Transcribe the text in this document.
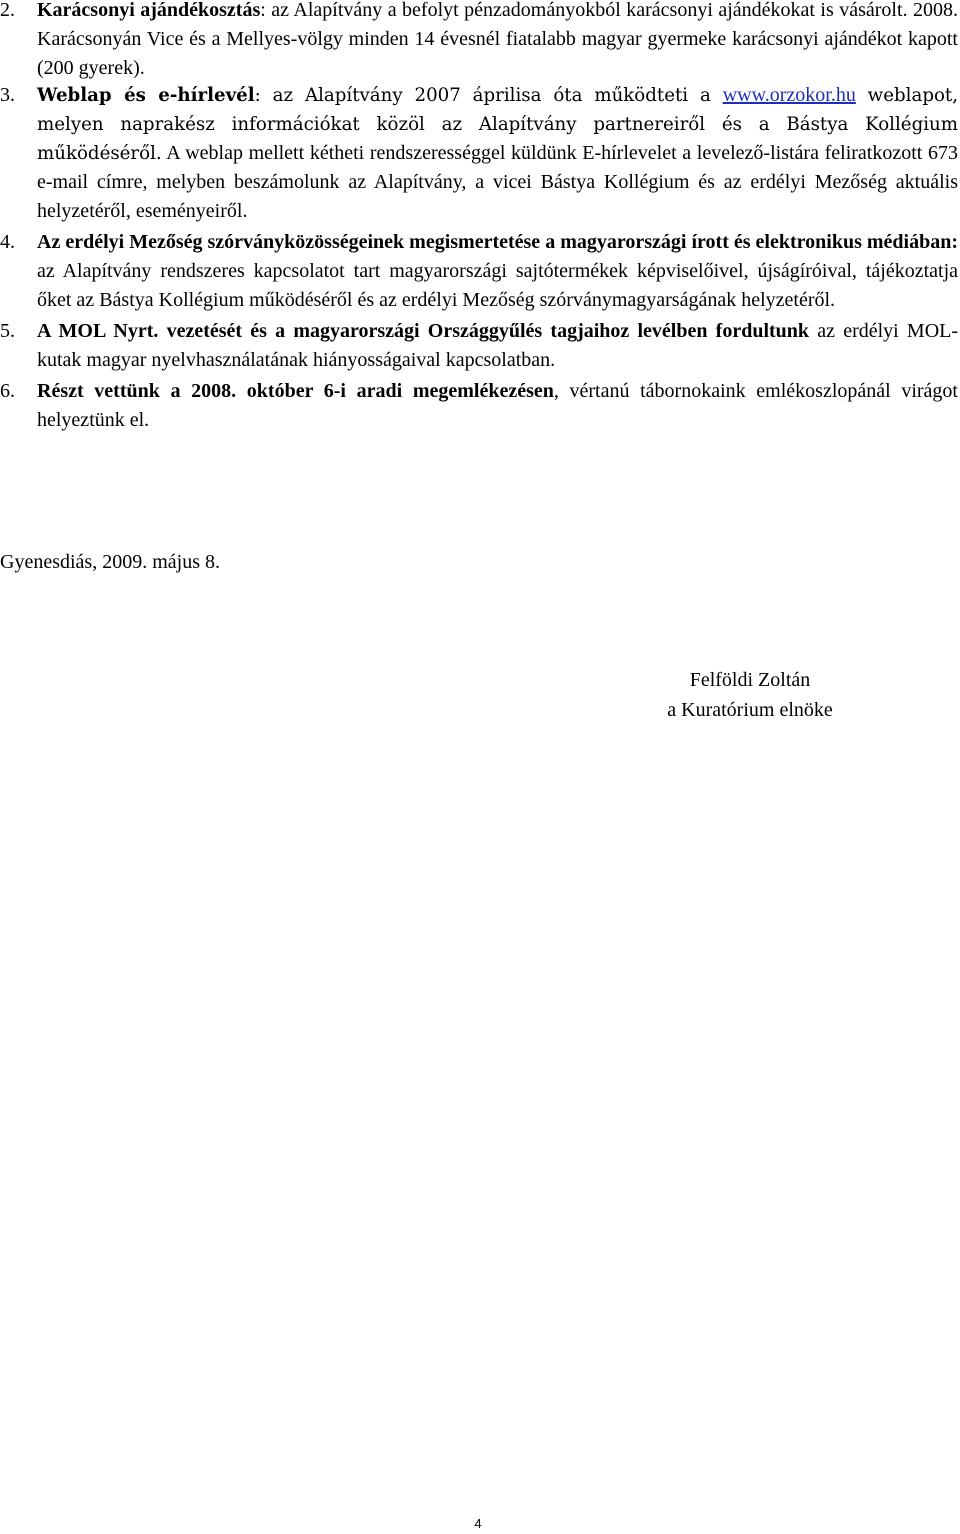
2. Karácsonyi ajándékosztás: az Alapítvány a befolyt pénzadományokból karácsonyi ajándékokat is vásárolt. 2008. Karácsonyán Vice és a Mellyes-völgy minden 14 évesnél fiatalabb magyar gyermeke karácsonyi ajándékot kapott (200 gyerek).
3. Weblap és e-hírlevél: az Alapítvány 2007 áprilisa óta működteti a www.orzokor.hu weblapot, melyen naprakész információkat közöl az Alapítvány partnereiről és a Bástya Kollégium működéséről. A weblap mellett kétheti rendszerességgel küldünk E-hírlevelet a levelező-listára feliratkozott 673 e-mail címre, melyben beszámolunk az Alapítvány, a vicei Bástya Kollégium és az erdélyi Mezőség aktuális helyzetéről, eseményeiről.
4. Az erdélyi Mezőség szórványközösségeinek megismertetése a magyarországi írott és elektronikus médiában: az Alapítvány rendszeres kapcsolatot tart magyarországi sajtótermékek képviselőivel, újságíróival, tájékoztatja őket az Bástya Kollégium működéséről és az erdélyi Mezőség szórványmagyarságának helyzetéről.
5. A MOL Nyrt. vezetését és a magyarországi Országgyűlés tagjaihoz levélben fordultunk az erdélyi MOL-kutak magyar nyelvhasználatának hiányosságaival kapcsolatban.
6. Részt vettünk a 2008. október 6-i aradi megemlékezésen, vértanú tábornokaink emlékoszlopánál virágot helyeztünk el.
Gyenesdiás, 2009. május 8.
Felföldi Zoltán
a Kuratórium elnöke
4
